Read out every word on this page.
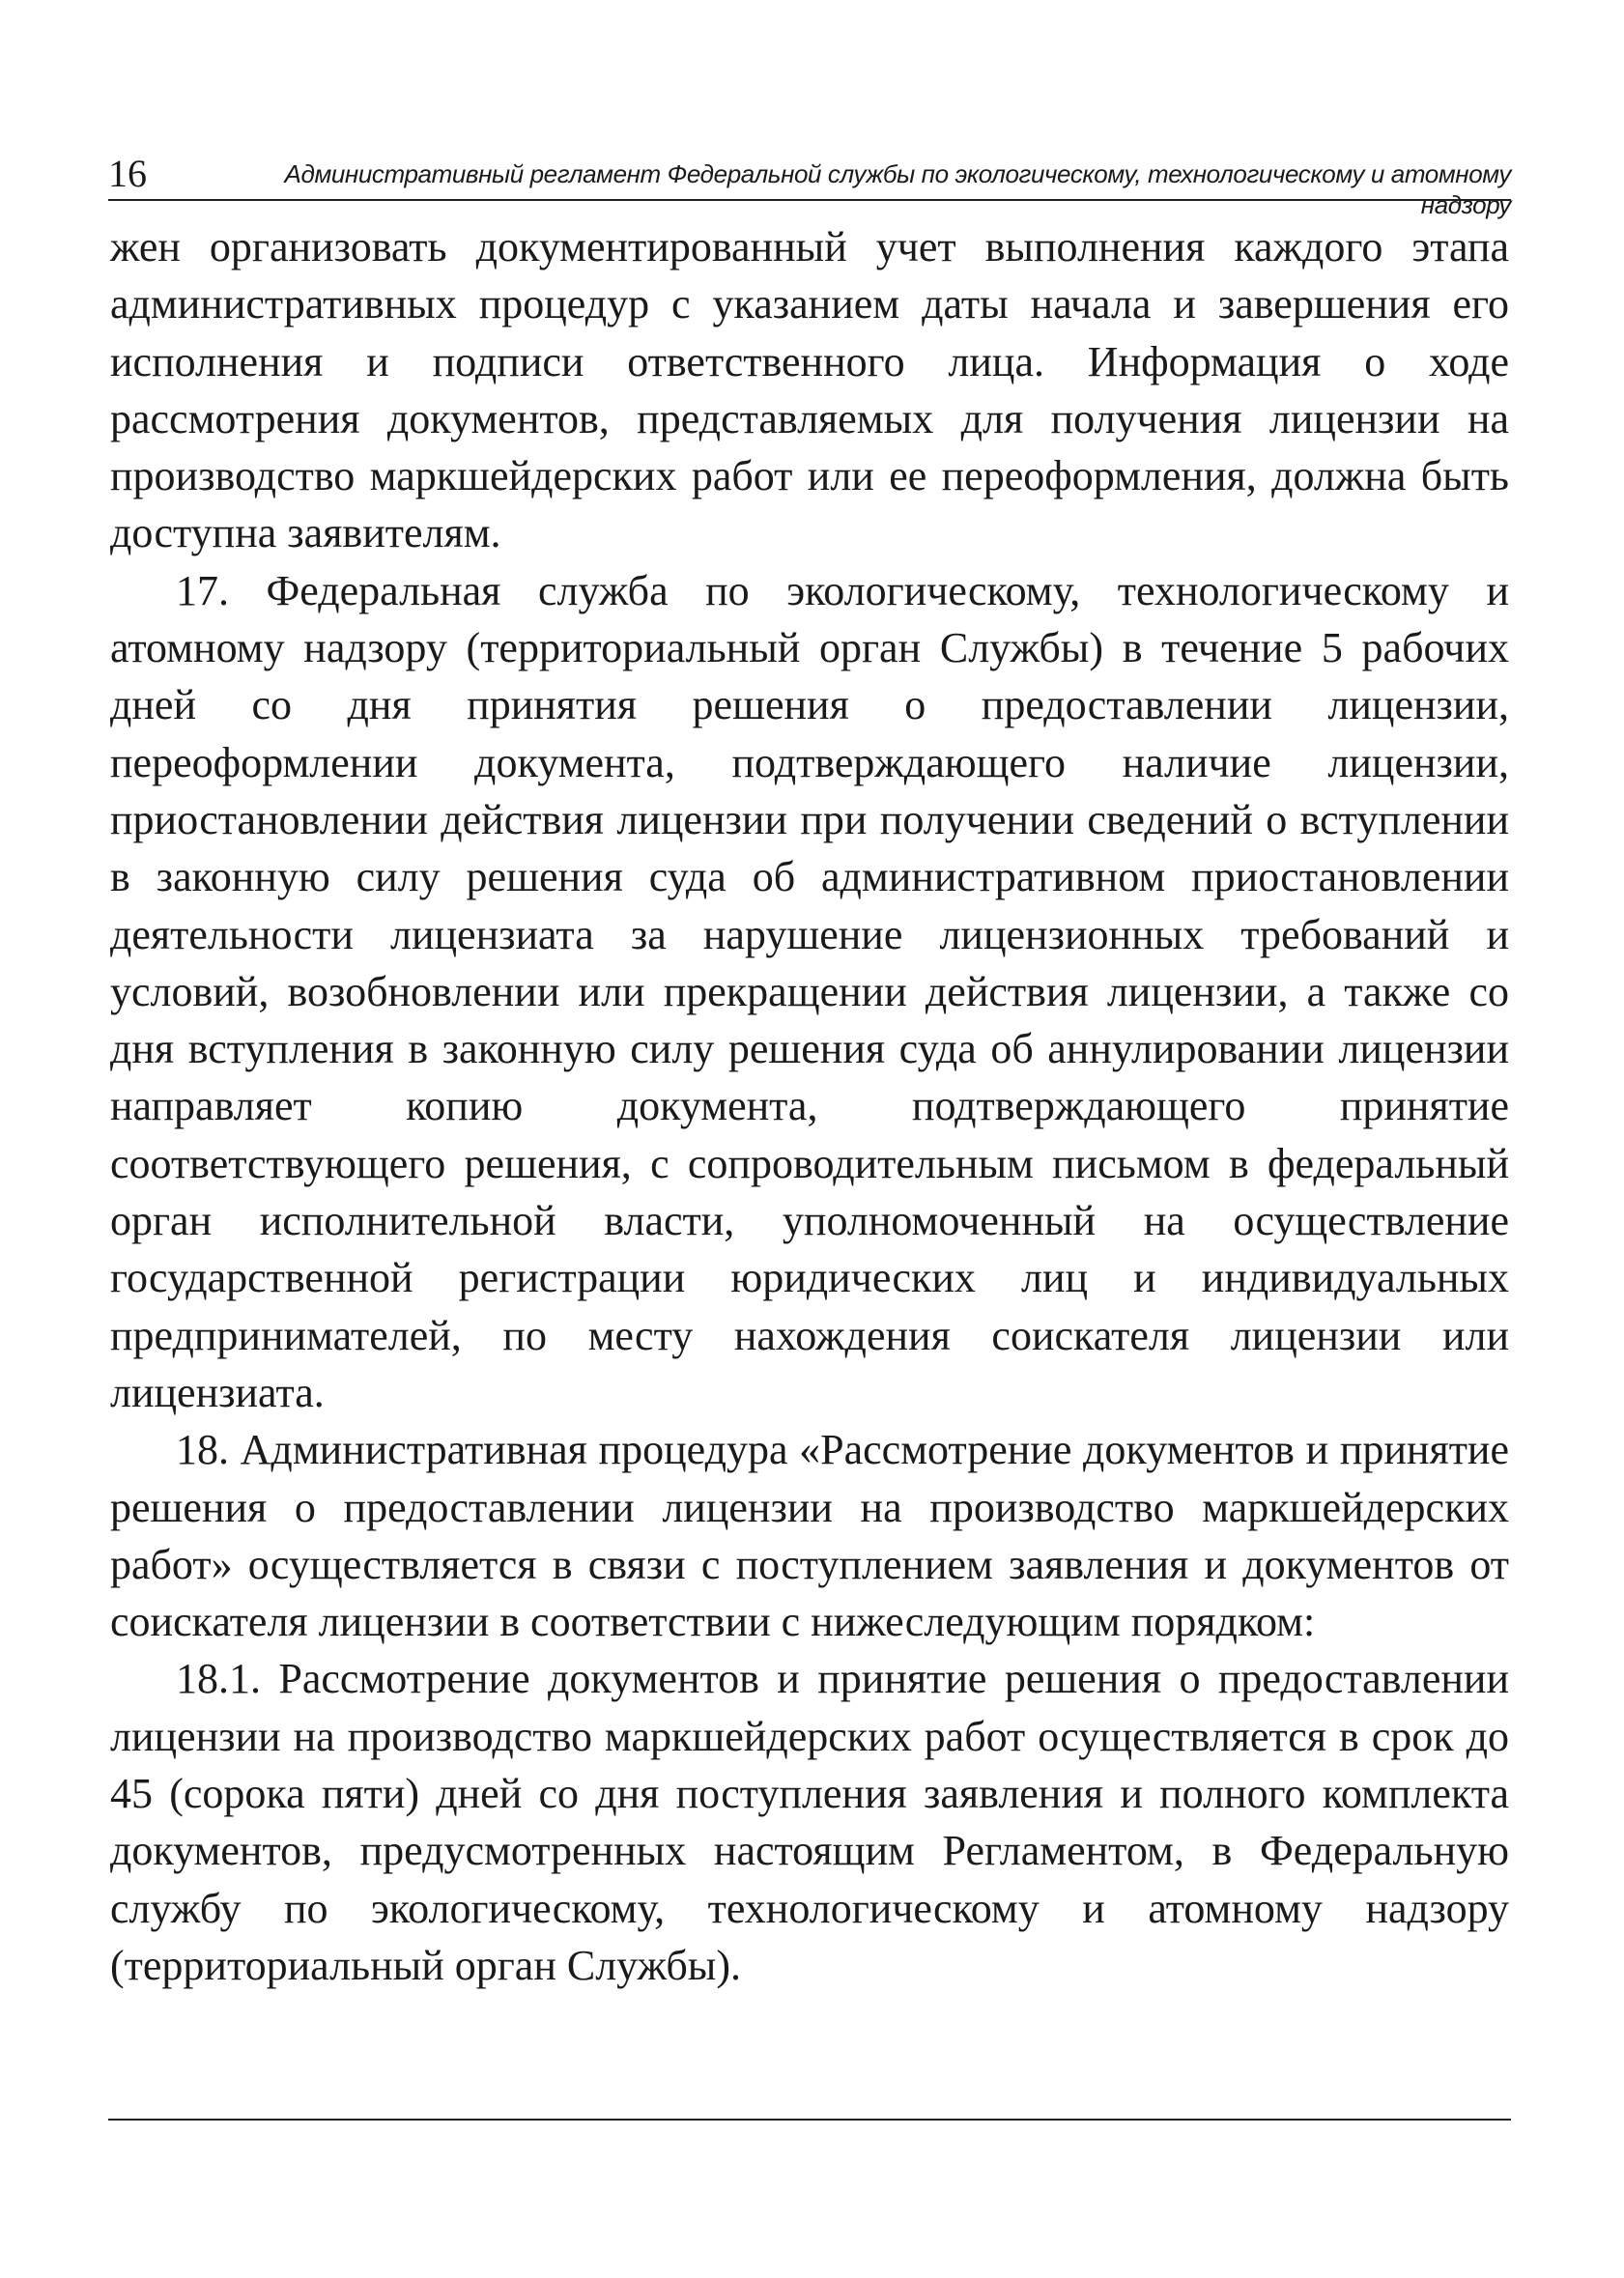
16	Административный регламент Федеральной службы по экологическому, технологическому и атомному надзору

жен организовать документированный учет выполнения каждого этапа административных процедур с указанием даты начала и завершения его исполнения и подписи ответственного лица. Информация о ходе рассмотрения документов, представляемых для получения лицензии на производство маркшейдерских работ или ее переоформления, должна быть доступна заявителям.

17. Федеральная служба по экологическому, технологическому и атомному надзору (территориальный орган Службы) в течение 5 рабочих дней со дня принятия решения о предоставлении лицензии, переоформлении документа, подтверждающего наличие лицензии, приостановлении действия лицензии при получении сведений о вступлении в законную силу решения суда об административном приостановлении деятельности лицензиата за нарушение лицензионных требований и условий, возобновлении или прекращении действия лицензии, а также со дня вступления в законную силу решения суда об аннулировании лицензии направляет копию документа, подтверждающего принятие соответствующего решения, с сопроводительным письмом в федеральный орган исполнительной власти, уполномоченный на осуществление государственной регистрации юридических лиц и индивидуальных предпринимателей, по месту нахождения соискателя лицензии или лицензиата.

18. Административная процедура «Рассмотрение документов и принятие решения о предоставлении лицензии на производство маркшейдерских работ» осуществляется в связи с поступлением заявления и документов от соискателя лицензии в соответствии с нижеследующим порядком:

18.1. Рассмотрение документов и принятие решения о предоставлении лицензии на производство маркшейдерских работ осуществляется в срок до 45 (сорока пяти) дней со дня поступления заявления и полного комплекта документов, предусмотренных настоящим Регламентом, в Федеральную службу по экологическому, технологическому и атомному надзору (территориальный орган Службы).
